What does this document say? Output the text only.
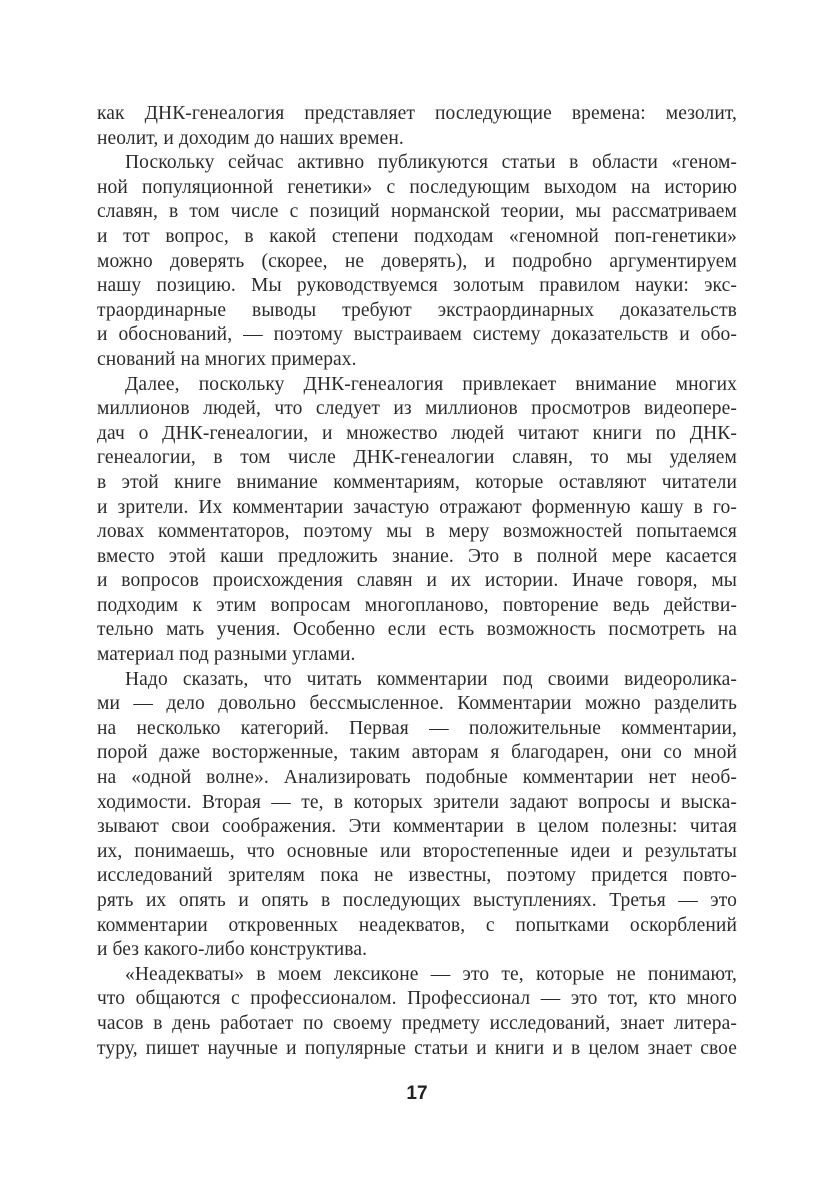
как ДНК-генеалогия представляет последующие времена: мезолит,
неолит, и доходим до наших времен.

Поскольку сейчас активно публикуются статьи в области «геном-
ной популяционной генетики» с последующим выходом на историю
славян, в том числе с позиций норманской теории, мы рассматриваем
и тот вопрос, в какой степени подходам «геномной поп-генетики»
можно доверять (скорее, не доверять), и подробно аргументируем
нашу позицию. Мы руководствуемся золотым правилом науки: экс-
траординарные выводы требуют экстраординарных доказательств
и обоснований, — поэтому выстраиваем систему доказательств и обо-
снований на многих примерах.

Далее, поскольку ДНК-генеалогия привлекает внимание многих
миллионов людей, что следует из миллионов просмотров видеопере-
дач о ДНК-генеалогии, и множество людей читают книги по ДНК-
генеалогии, в том числе ДНК-генеалогии славян, то мы уделяем
в этой книге внимание комментариям, которые оставляют читатели
и зрители. Их комментарии зачастую отражают форменную кашу в го-
ловах комментаторов, поэтому мы в меру возможностей попытаемся
вместо этой каши предложить знание. Это в полной мере касается
и вопросов происхождения славян и их истории. Иначе говоря, мы
подходим к этим вопросам многопланово, повторение ведь действи-
тельно мать учения. Особенно если есть возможность посмотреть на
материал под разными углами.

Надо сказать, что читать комментарии под своими видеоролика-
ми — дело довольно бессмысленное. Комментарии можно разделить
на несколько категорий. Первая — положительные комментарии,
порой даже восторженные, таким авторам я благодарен, они со мной
на «одной волне». Анализировать подобные комментарии нет необ-
ходимости. Вторая — те, в которых зрители задают вопросы и выска-
зывают свои соображения. Эти комментарии в целом полезны: читая
их, понимаешь, что основные или второстепенные идеи и результаты
исследований зрителям пока не известны, поэтому придется повто-
рять их опять и опять в последующих выступлениях. Третья — это
комментарии откровенных неадекватов, с попытками оскорблений
и без какого-либо конструктива.

«Неадекваты» в моем лексиконе — это те, которые не понимают,
что общаются с профессионалом. Профессионал — это тот, кто много
часов в день работает по своему предмету исследований, знает литера-
туру, пишет научные и популярные статьи и книги и в целом знает свое

17
